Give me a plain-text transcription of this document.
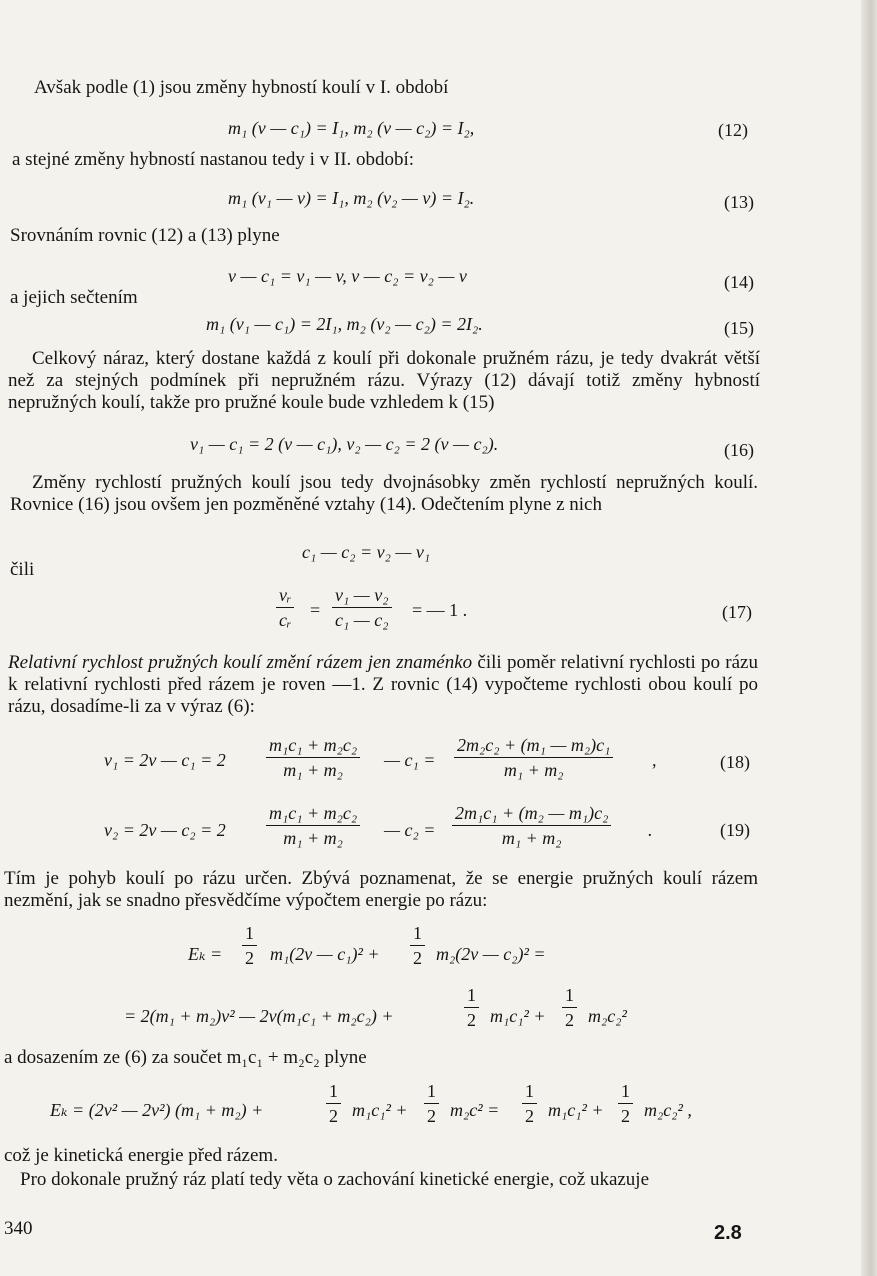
Avšak podle (1) jsou změny hybností koulí v I. období
m₁ (v — c₁) = I₁, m₂ (v — c₂) = I₂,	(12)
a stejné změny hybností nastanou tedy i v II. období:
m₁ (v₁ — v) = I₁, m₂ (v₂ — v) = I₂.	(13)
Srovnáním rovnic (12) a (13) plyne
v — c₁ = v₁ — v, v — c₂ = v₂ — v	(14)
a jejich sečtením
m₁ (v₁ — c₁) = 2I₁, m₂ (v₂ — c₂) = 2I₂.	(15)
Celkový náraz, který dostane každá z koulí při dokonale pružném rázu, je tedy dvakrát větší než za stejných podmínek při nepružném rázu. Výrazy (12) dávají totiž změny hybností nepružných koulí, takže pro pružné koule bude vzhledem k (15)
v₁ — c₁ = 2 (v — c₁), v₂ — c₂ = 2 (v — c₂).	(16)
Změny rychlostí pružných koulí jsou tedy dvojnásobky změn rychlostí nepružných koulí. Rovnice (16) jsou ovšem jen pozměněné vztahy (14). Odečtením plyne z nich
c₁ — c₂ = v₂ — v₁
čili
$\frac{\text{vᵣ}}{\text{cᵣ}} = \frac{\text{v₁ — v₂}}{\text{c₁ — c₂}}$ = — 1 .	(17)
Relativní rychlost pružných koulí změní rázem jen znaménko čili poměr relativní rychlosti po rázu k relativní rychlosti před rázem je roven —1. Z rovnic (14) vypočteme rychlosti obou koulí po rázu, dosadíme-li za v výraz (6):
v₁ = 2v — $c_1 = 2 \frac{\text{m₁c₁ + m₂c₂}}{\text{m₁ + m₂}}$ — $c_1 = \frac{\text{2m₂c₂ + (m₁ — m₂)c₁}}{\text{m₁ + m₂}}$ ,	(18)
v₂ = 2v — $c_2 = 2 \frac{\text{m₁c₁ + m₂c₂}}{\text{m₁ + m₂}}$ — $c_2 = \frac{\text{2m₁c₁ + (m₂ — m₁)c₂}}{\text{m₁ + m₂}}$ .	(19)
Tím je pohyb koulí po rázu určen. Zbývá poznamenat, že se energie pružných koulí rázem nezmění, jak se snadno přesvědčíme výpočtem energie po rázu:
$E_k = \frac{1}{2} m_1(2v$ — $c_1)^2 + \frac{1}{2} m_2(2v$ — c₂)² =
= 2(m₁ + m₂)v² — 2v(m₁c₁ + m₂c₂) +	$\frac{1}{2} m_1c_1^2 + \frac{1}{2} m_2c_2^2$
a dosazením ze (6) za součet m₁c₁ + m₂c₂ plyne
Eₖ = (2v² — 2v²) (m₁ + m₂) +	$\frac{1}{2} m_1c_1^2 + \frac{1}{2} m_2c^2 = \frac{1}{2} m_1c_1^2 + \frac{1}{2} m_2c_2^2$ ,
což je kinetická energie před rázem.
Pro dokonale pružný ráz platí tedy věta o zachování kinetické energie, což ukazuje
340	2.8
